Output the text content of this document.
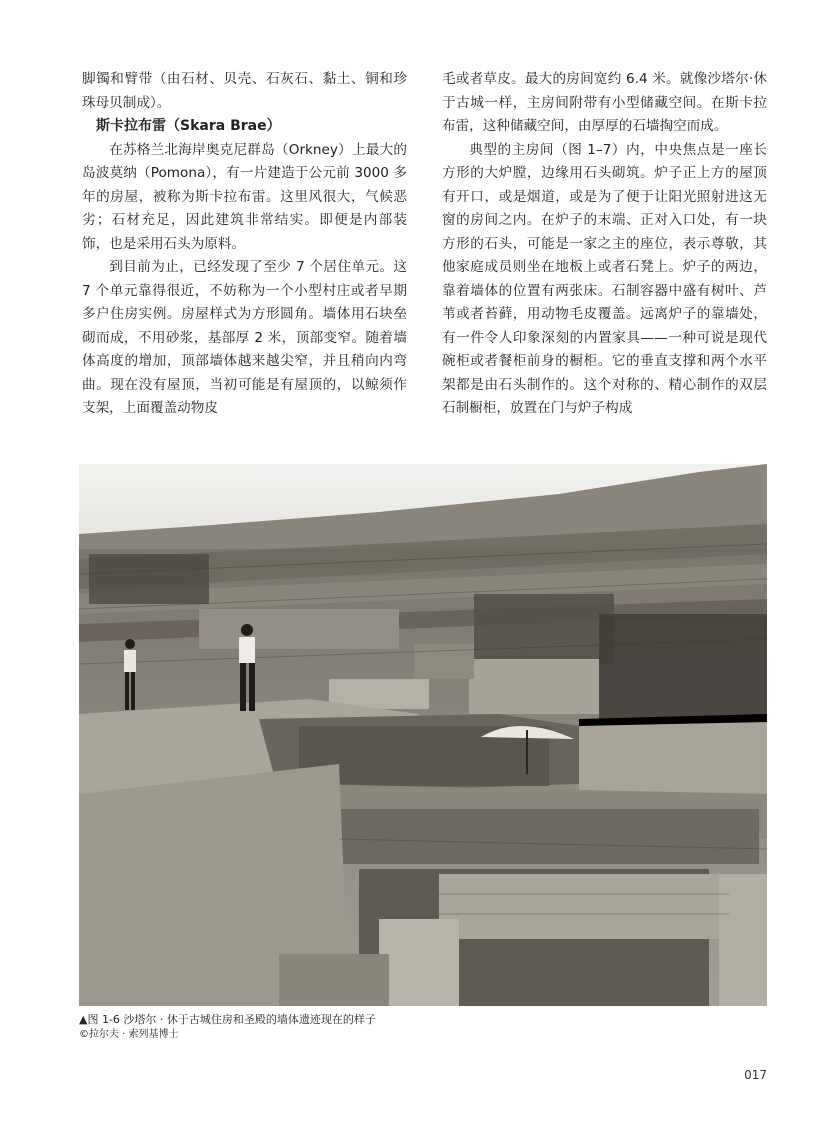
脚镯和臂带（由石材、贝壳、石灰石、黏土、铜和珍珠母贝制成）。

斯卡拉布雷（Skara Brae）

在苏格兰北海岸奥克尼群岛（Orkney）上最大的岛波莫纳（Pomona），有一片建造于公元前 3000 多年的房屋，被称为斯卡拉布雷。这里风很大，气候恶劣；石材充足，因此建筑非常结实。即便是内部装饰，也是采用石头为原料。

到目前为止，已经发现了至少 7 个居住单元。这 7 个单元靠得很近，不妨称为一个小型村庄或者早期多户住房实例。房屋样式为方形圆角。墙体用石块垒砌而成，不用砂浆，基部厚 2 米，顶部变窄。随着墙体高度的增加，顶部墙体越来越尖窄，并且稍向内弯曲。现在没有屋顶，当初可能是有屋顶的，以鲸须作支架，上面覆盖动物皮

毛或者草皮。最大的房间宽约 6.4 米。就像沙塔尔·休于古城一样，主房间附带有小型储藏空间。在斯卡拉布雷，这种储藏空间，由厚厚的石墙掏空而成。

典型的主房间（图 1–7）内，中央焦点是一座长方形的大炉膛，边缘用石头砌筑。炉子正上方的屋顶有开口，或是烟道，或是为了便于让阳光照射进这无窗的房间之内。在炉子的末端、正对入口处，有一块方形的石头，可能是一家之主的座位，表示尊敬，其他家庭成员则坐在地板上或者石凳上。炉子的两边，靠着墙体的位置有两张床。石制容器中盛有树叶、芦苇或者苔藓，用动物毛皮覆盖。远离炉子的靠墙处，有一件令人印象深刻的内置家具——一种可说是现代碗柜或者餐柜前身的橱柜。它的垂直支撑和两个水平架都是由石头制作的。这个对称的、精心制作的双层石制橱柜，放置在门与炉子构成

▲图 1-6 沙塔尔 · 休于古城住房和圣殿的墙体遗迹现在的样子
©拉尔夫 · 索列基博士
017
